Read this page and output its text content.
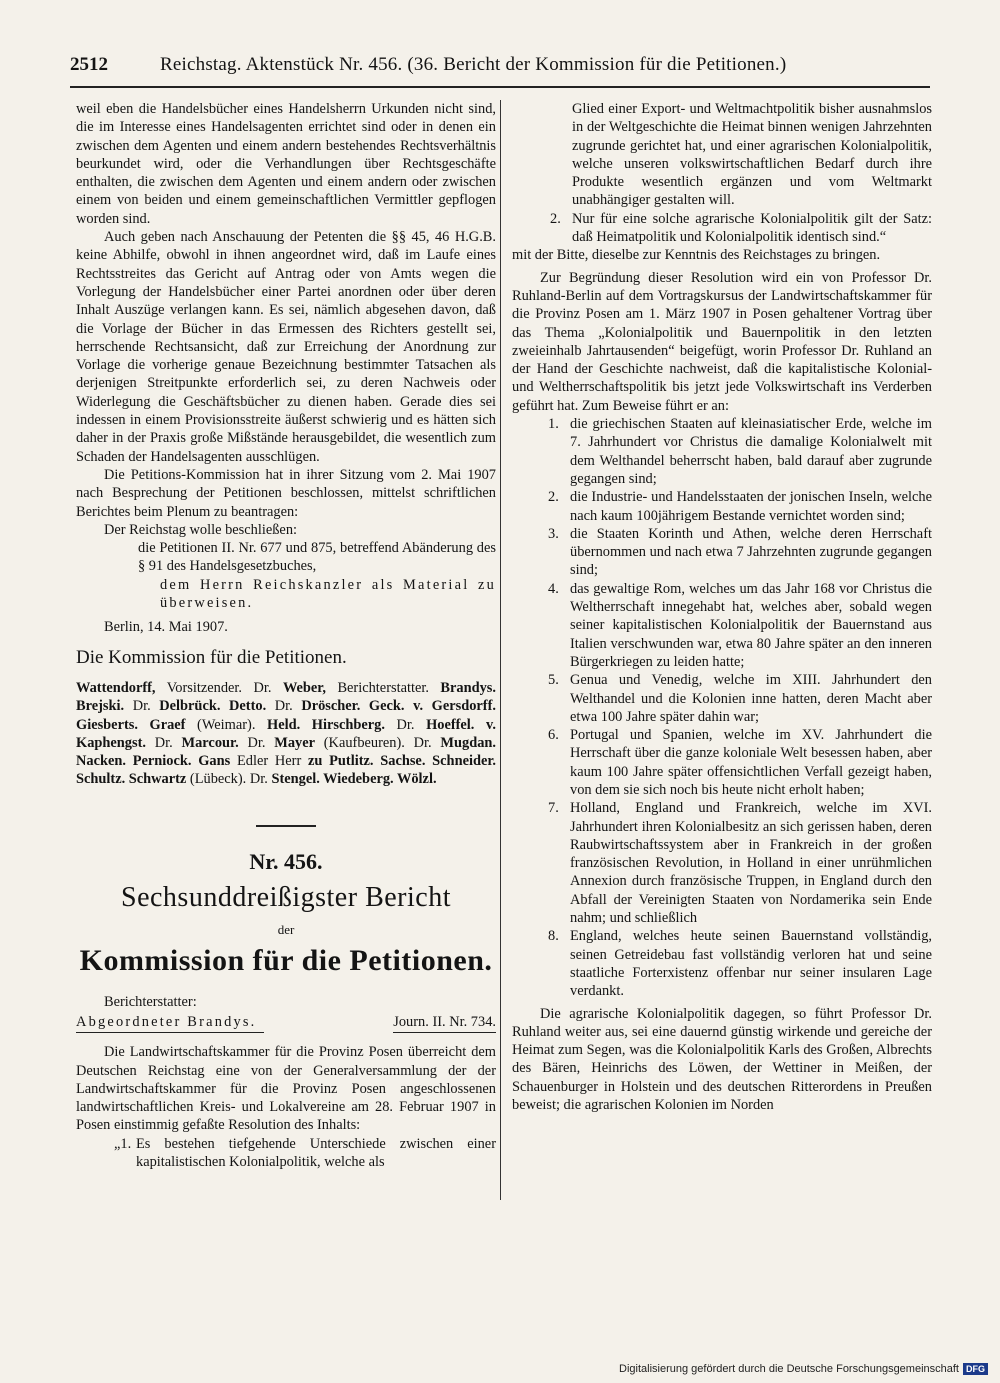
2512	Reichstag. Aktenstück Nr. 456. (36. Bericht der Kommission für die Petitionen.)

weil eben die Handelsbücher eines Handelsherrn Urkunden nicht sind, die im Interesse eines Handelsagenten errichtet sind oder in denen ein zwischen dem Agenten und einem andern bestehendes Rechtsverhältnis beurkundet wird, oder die Verhandlungen über Rechtsgeschäfte enthalten, die zwischen dem Agenten und einem andern oder zwischen einem von beiden und einem gemeinschaftlichen Vermittler gepflogen worden sind.

Auch geben nach Anschauung der Petenten die §§ 45, 46 H.G.B. keine Abhilfe, obwohl in ihnen angeordnet wird, daß im Laufe eines Rechtsstreites das Gericht auf Antrag oder von Amts wegen die Vorlegung der Handelsbücher einer Partei anordnen oder über deren Inhalt Auszüge verlangen kann. Es sei, nämlich abgesehen davon, daß die Vorlage der Bücher in das Ermessen des Richters gestellt sei, herrschende Rechtsansicht, daß zur Erreichung der Anordnung zur Vorlage die vorherige genaue Bezeichnung bestimmter Tatsachen als derjenigen Streitpunkte erforderlich sei, zu deren Nachweis oder Widerlegung die Geschäftsbücher zu dienen haben. Gerade dies sei indessen in einem Provisionsstreite äußerst schwierig und es hätten sich daher in der Praxis große Mißstände herausgebildet, die wesentlich zum Schaden der Handelsagenten ausschlügen.

Die Petitions-Kommission hat in ihrer Sitzung vom 2. Mai 1907 nach Besprechung der Petitionen beschlossen, mittelst schriftlichen Berichtes beim Plenum zu beantragen:

Der Reichstag wolle beschließen:

die Petitionen II. Nr. 677 und 875, betreffend Abänderung des § 91 des Handelsgesetzbuches,

dem Herrn Reichskanzler als Material zu überweisen.

Berlin, 14. Mai 1907.

Die Kommission für die Petitionen.

Wattendorff, Vorsitzender. Dr. Weber, Berichterstatter. Brandys. Brejski. Dr. Delbrück. Detto. Dr. Dröscher. Geck. v. Gersdorff. Giesberts. Graef (Weimar). Held. Hirschberg. Dr. Hoeffel. v. Kaphengst. Dr. Marcour. Dr. Mayer (Kaufbeuren). Dr. Mugdan. Nacken. Perniock. Gans Edler Herr zu Putlitz. Sachse. Schneider. Schultz. Schwartz (Lübeck). Dr. Stengel. Wiedeberg. Wölzl.
Nr. 456.
Sechsunddreißigster Bericht
der
Kommission für die Petitionen.
Berichterstatter:
Abgeordneter Brandys.	Journ. II. Nr. 734.

Die Landwirtschaftskammer für die Provinz Posen überreicht dem Deutschen Reichstag eine von der Generalversammlung der der Landwirtschaftskammer für die Provinz Posen angeschlossenen landwirtschaftlichen Kreis- und Lokalvereine am 28. Februar 1907 in Posen einstimmig gefaßte Resolution des Inhalts:

„1. Es bestehen tiefgehende Unterschiede zwischen einer kapitalistischen Kolonialpolitik, welche als

Glied einer Export- und Weltmachtpolitik bisher ausnahmslos in der Weltgeschichte die Heimat binnen wenigen Jahrzehnten zugrunde gerichtet hat, und einer agrarischen Kolonialpolitik, welche unseren volkswirtschaftlichen Bedarf durch ihre Produkte wesentlich ergänzen und vom Weltmarkt unabhängiger gestalten will.

2. Nur für eine solche agrarische Kolonialpolitik gilt der Satz: daß Heimatpolitik und Kolonialpolitik identisch sind.“

mit der Bitte, dieselbe zur Kenntnis des Reichstages zu bringen.

Zur Begründung dieser Resolution wird ein von Professor Dr. Ruhland-Berlin auf dem Vortragskursus der Landwirtschaftskammer für die Provinz Posen am 1. März 1907 in Posen gehaltener Vortrag über das Thema „Kolonialpolitik und Bauernpolitik in den letzten zweieinhalb Jahrtausenden“ beigefügt, worin Professor Dr. Ruhland an der Hand der Geschichte nachweist, daß die kapitalistische Kolonial- und Weltherrschaftspolitik bis jetzt jede Volkswirtschaft ins Verderben geführt hat. Zum Beweise führt er an:

1. die griechischen Staaten auf kleinasiatischer Erde, welche im 7. Jahrhundert vor Christus die damalige Kolonialwelt mit dem Welthandel beherrscht haben, bald darauf aber zugrunde gegangen sind;
2. die Industrie- und Handelsstaaten der jonischen Inseln, welche nach kaum 100jährigem Bestande vernichtet worden sind;
3. die Staaten Korinth und Athen, welche deren Herrschaft übernommen und nach etwa 7 Jahrzehnten zugrunde gegangen sind;
4. das gewaltige Rom, welches um das Jahr 168 vor Christus die Weltherrschaft innegehabt hat, welches aber, sobald wegen seiner kapitalistischen Kolonialpolitik der Bauernstand aus Italien verschwunden war, etwa 80 Jahre später an den inneren Bürgerkriegen zu leiden hatte;
5. Genua und Venedig, welche im XIII. Jahrhundert den Welthandel und die Kolonien inne hatten, deren Macht aber etwa 100 Jahre später dahin war;
6. Portugal und Spanien, welche im XV. Jahrhundert die Herrschaft über die ganze koloniale Welt besessen haben, aber kaum 100 Jahre später offensichtlichen Verfall gezeigt haben, von dem sie sich noch bis heute nicht erholt haben;
7. Holland, England und Frankreich, welche im XVI. Jahrhundert ihren Kolonialbesitz an sich gerissen haben, deren Raubwirtschaftssystem aber in Frankreich in der großen französischen Revolution, in Holland in einer unrühmlichen Annexion durch französische Truppen, in England durch den Abfall der Vereinigten Staaten von Nordamerika sein Ende nahm; und schließlich
8. England, welches heute seinen Bauernstand vollständig, seinen Getreidebau fast vollständig verloren hat und seine staatliche Forterxistenz offenbar nur seiner insularen Lage verdankt.

Die agrarische Kolonialpolitik dagegen, so führt Professor Dr. Ruhland weiter aus, sei eine dauernd günstig wirkende und gereiche der Heimat zum Segen, was die Kolonialpolitik Karls des Großen, Albrechts des Bären, Heinrichs des Löwen, der Wettiner in Meißen, der Schauenburger in Holstein und des deutschen Ritterordens in Preußen beweist; die agrarischen Kolonien im Norden

Digitalisierung gefördert durch die Deutsche Forschungsgemeinschaft DFG
